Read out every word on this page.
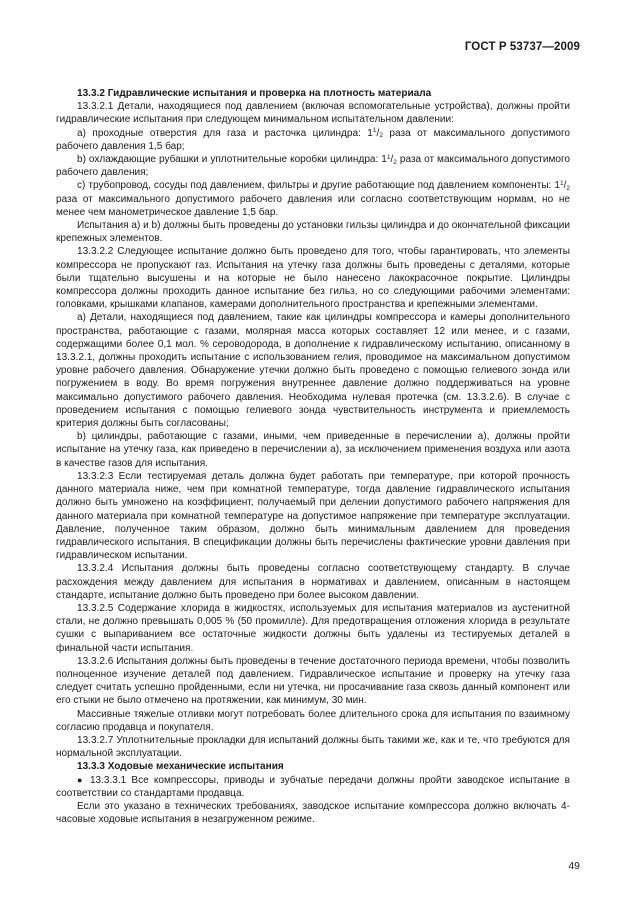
ГОСТ Р 53737—2009

13.3.2 Гидравлические испытания и проверка на плотность материала

13.3.2.1 Детали, находящиеся под давлением (включая вспомогательные устройства), должны пройти гидравлические испытания при следующем минимальном испытательном давлении:

а) проходные отверстия для газа и расточка цилиндра: $1^1/_2$ раза от максимального допустимого рабочего давления 1,5 бар;

b) охлаждающие рубашки и уплотнительные коробки цилиндра: $1^1/_2$ раза от максимального допустимого рабочего давления;

с) трубопровод, сосуды под давлением, фильтры и другие работающие под давлением компоненты: $1^1/_2$ раза от максимального допустимого рабочего давления или согласно соответствующим нормам, но не менее чем манометрическое давление 1,5 бар.

Испытания а) и b) должны быть проведены до установки гильзы цилиндра и до окончательной фиксации крепежных элементов.

13.3.2.2 Следующее испытание должно быть проведено для того, чтобы гарантировать, что элементы компрессора не пропускают газ. Испытания на утечку газа должны быть проведены с деталями, которые были тщательно высушены и на которые не было нанесено лакокрасочное покрытие. Цилиндры компрессора должны проходить данное испытание без гильз, но со следующими рабочими элементами: головками, крышками клапанов, камерами дополнительного пространства и крепежными элементами.

а) Детали, находящиеся под давлением, такие как цилиндры компрессора и камеры дополнительного пространства, работающие с газами, молярная масса которых составляет 12 или менее, и с газами, содержащими более 0,1 мол. % сероводорода, в дополнение к гидравлическому испытанию, описанному в 13.3.2.1, должны проходить испытание с использованием гелия, проводимое на максимальном допустимом уровне рабочего давления. Обнаружение утечки должно быть проведено с помощью гелиевого зонда или погружением в воду. Во время погружения внутреннее давление должно поддерживаться на уровне максимально допустимого рабочего давления. Необходима нулевая протечка (см. 13.3.2.6). В случае с проведением испытания с помощью гелиевого зонда чувствительность инструмента и приемлемость критерия должны быть согласованы;

b) цилиндры, работающие с газами, иными, чем приведенные в перечислении а), должны пройти испытание на утечку газа, как приведено в перечислении а), за исключением применения воздуха или азота в качестве газов для испытания.

13.3.2.3 Если тестируемая деталь должна будет работать при температуре, при которой прочность данного материала ниже, чем при комнатной температуре, тогда давление гидравлического испытания должно быть умножено на коэффициент, получаемый при делении допустимого рабочего напряжения для данного материала при комнатной температуре на допустимое напряжение при температуре эксплуатации. Давление, полученное таким образом, должно быть минимальным давлением для проведения гидравлического испытания. В спецификации должны быть перечислены фактические уровни давления при гидравлическом испытании.

13.3.2.4 Испытания должны быть проведены согласно соответствующему стандарту. В случае расхождения между давлением для испытания в нормативах и давлением, описанным в настоящем стандарте, испытание должно быть проведено при более высоком давлении.

13.3.2.5 Содержание хлорида в жидкостях, используемых для испытания материалов из аустенитной стали, не должно превышать 0,005 % (50 промилле). Для предотвращения отложения хлорида в результате сушки с выпариванием все остаточные жидкости должны быть удалены из тестируемых деталей в финальной части испытания.

13.3.2.6 Испытания должны быть проведены в течение достаточного периода времени, чтобы позволить полноценное изучение деталей под давлением. Гидравлическое испытание и проверку на утечку газа следует считать успешно пройденными, если ни утечка, ни просачивание газа сквозь данный компонент или его стыки не было отмечено на протяжении, как минимум, 30 мин.

Массивные тяжелые отливки могут потребовать более длительного срока для испытания по взаимному согласию продавца и покупателя.

13.3.2.7 Уплотнительные прокладки для испытаний должны быть такими же, как и те, что требуются для нормальной эксплуатации.

13.3.3 Ходовые механические испытания

● 13.3.3.1 Все компрессоры, приводы и зубчатые передачи должны пройти заводское испытание в соответствии со стандартами продавца.

Если это указано в технических требованиях, заводское испытание компрессора должно включать 4-часовые ходовые испытания в незагруженном режиме.

49
